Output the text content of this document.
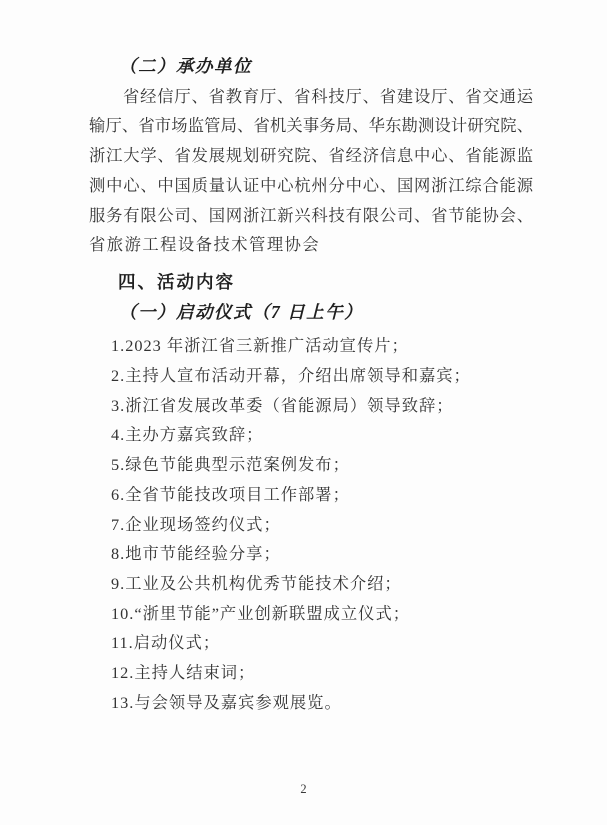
（二）承办单位
省经信厅、省教育厅、省科技厅、省建设厅、省交通运
输厅、省市场监管局、省机关事务局、华东勘测设计研究院、
浙江大学、省发展规划研究院、省经济信息中心、省能源监
测中心、中国质量认证中心杭州分中心、国网浙江综合能源
服务有限公司、国网浙江新兴科技有限公司、省节能协会、
省旅游工程设备技术管理协会
四、活动内容
（一）启动仪式（7 日上午）
1.2023 年浙江省三新推广活动宣传片；
2.主持人宣布活动开幕，介绍出席领导和嘉宾；
3.浙江省发展改革委（省能源局）领导致辞；
4.主办方嘉宾致辞；
5.绿色节能典型示范案例发布；
6.全省节能技改项目工作部署；
7.企业现场签约仪式；
8.地市节能经验分享；
9.工业及公共机构优秀节能技术介绍；
10.“浙里节能”产业创新联盟成立仪式；
11.启动仪式；
12.主持人结束词；
13.与会领导及嘉宾参观展览。
2
